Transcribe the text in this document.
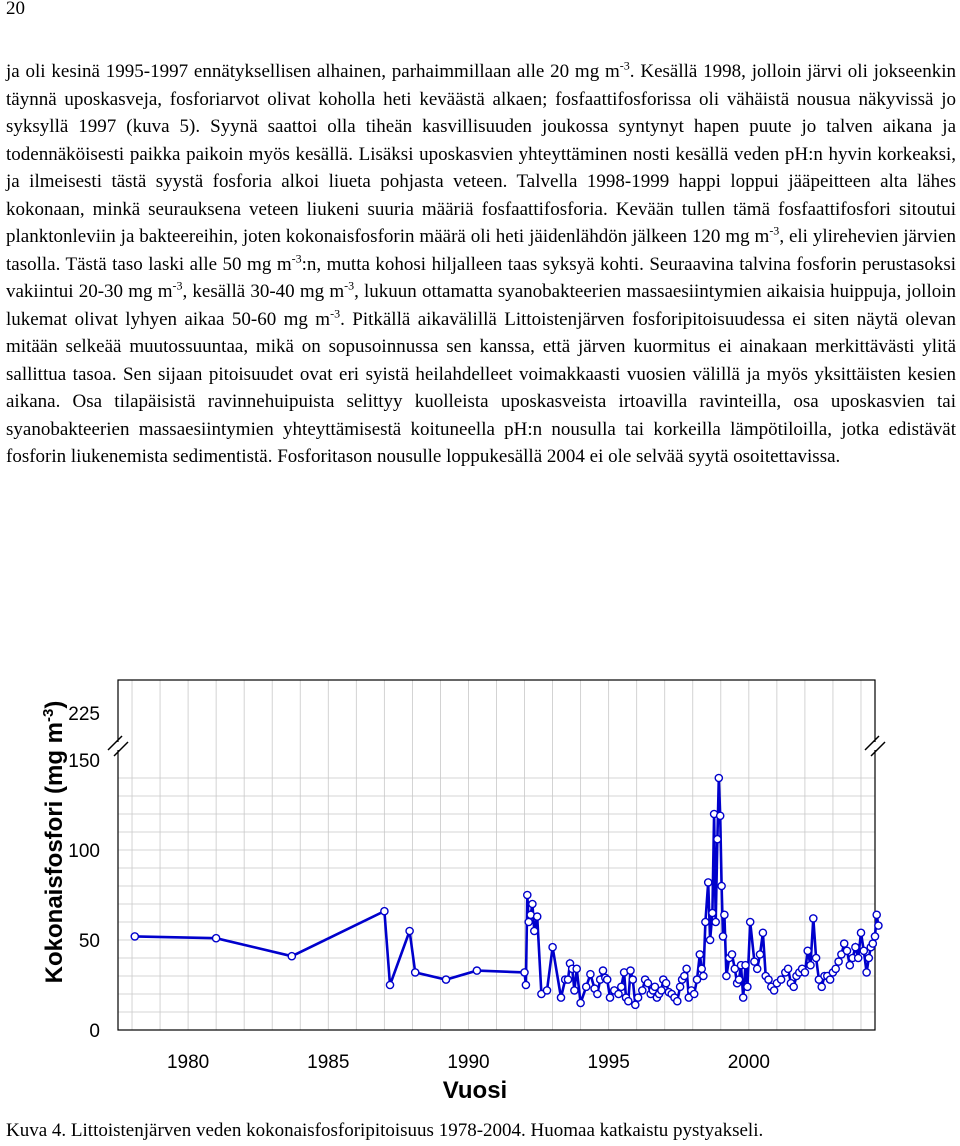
20

ja oli kesinä 1995-1997 ennätyksellisen alhainen, parhaimmillaan alle 20 mg $m^{-3}$. Kesällä 1998, jolloin järvi oli jokseenkin täynnä uposkasveja, fosforiarvot olivat koholla heti keväästä alkaen; fosfaattifosforissa oli vähäistä nousua näkyvissä jo syksyllä 1997 (kuva 5). Syynä saattoi olla tiheän kasvillisuuden joukossa syntynyt hapen puute jo talven aikana ja todennäköisesti paikka paikoin myös kesällä. Lisäksi uposkasvien yhteyttäminen nosti kesällä veden pH:n hyvin korkeaksi, ja ilmeisesti tästä syystä fosforia alkoi liueta pohjasta veteen. Talvella 1998-1999 happi loppui jääpeitteen alta lähes kokonaan, minkä seurauksena veteen liukeni suuria määriä fosfaattifosforia. Kevään tullen tämä fosfaattifosfori sitoutui planktonleviin ja bakteereihin, joten kokonaisfosforin määrä oli heti jäidenlähdön jälkeen 120 mg $m^{-3}$, eli ylirehevien järvien tasolla. Tästä taso laski alle 50 mg $m^{-3}:n$, mutta kohosi hiljalleen taas syksyä kohti. Seuraavina talvina fosforin perustasoksi vakiintui 20-30 mg $m^{-3}$, kesällä 30-40 mg $m^{-3}$, lukuun ottamatta syanobakteerien massaesiintymien aikaisia huippuja, jolloin lukemat olivat lyhyen aikaa 50-60 mg $m^{-3}$. Pitkällä aikavälillä Littoistenjärven fosforipitoisuudessa ei siten näytä olevan mitään selkeää muutossuuntaa, mikä on sopusoinnussa sen kanssa, että järven kuormitus ei ainakaan merkittävästi ylitä sallittua tasoa. Sen sijaan pitoisuudet ovat eri syistä heilahdelleet voimakkaasti vuosien välillä ja myös yksittäisten kesien aikana. Osa tilapäisistä ravinnehuipuista selittyy kuolleista uposkasveista irtoavilla ravinteilla, osa uposkasvien tai syanobakteerien massaesiintymien yhteyttämisestä koituneella pH:n nousulla tai korkeilla lämpötiloilla, jotka edistävät fosforin liukenemista sedimentistä. Fosforitason nousulle loppukesällä 2004 ei ole selvää syytä osoitettavissa.

0
50
100
150
225
1980	1985	1990	1995	2000
Vuosi
Kokonaisfosfori (mg $m^{-3}$)
Kuva 4. Littoistenjärven veden kokonaisfosforipitoisuus 1978-2004. Huomaa katkaistu pystyakseli.
